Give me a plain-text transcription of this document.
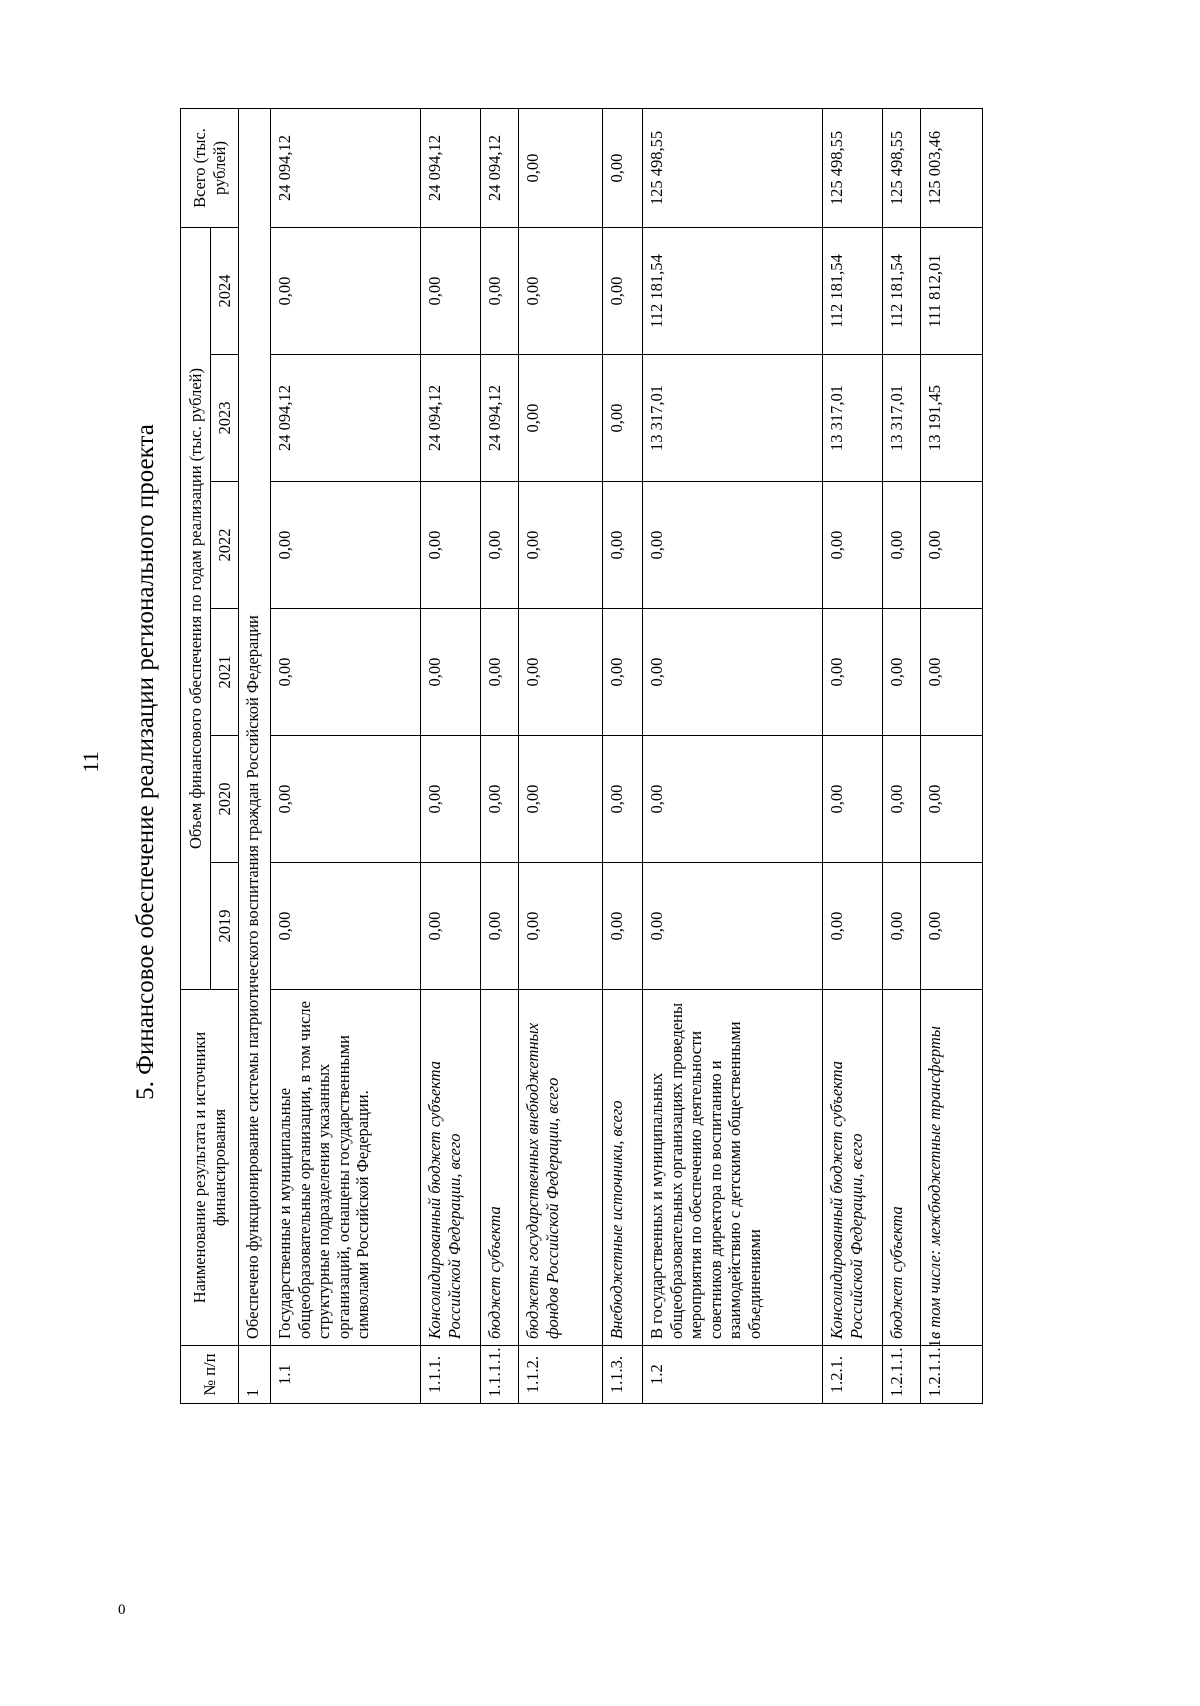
0
11 5. Финансовое обеспечение реализации регионального проекта
№ п/п	Наименование результата и источники финансирования	Объем финансового обеспечения по годам реализации (тыс. рублей)						Всего (тыс. рублей)
		2019	2020	2021	2022	2023	2024	
1	Обеспечено функционирование системы патриотического воспитания граждан Российской Федерации							
1.1	Государственные и муниципальные общеобразовательные организации, в том числе структурные подразделения указанных организаций, оснащены государственными символами Российской Федерации.	0,00	0,00	0,00	0,00	24 094,12	0,00	24 094,12
1.1.1.	Консолидированный бюджет субъекта Российской Федерации, всего	0,00	0,00	0,00	0,00	24 094,12	0,00	24 094,12
1.1.1.1.	бюджет субъекта	0,00	0,00	0,00	0,00	24 094,12	0,00	24 094,12
1.1.2.	бюджеты государственных внебюджетных фондов Российской Федерации, всего	0,00	0,00	0,00	0,00	0,00	0,00	0,00
1.1.3.	Внебюджетные источники, всего	0,00	0,00	0,00	0,00	0,00	0,00	0,00
1.2	В государственных и муниципальных общеобразовательных организациях проведены мероприятия по обеспечению деятельности советников директора по воспитанию и взаимодействию с детскими общественными объединениями	0,00	0,00	0,00	0,00	13 317,01	112 181,54	125 498,55
1.2.1.	Консолидированный бюджет субъекта Российской Федерации, всего	0,00	0,00	0,00	0,00	13 317,01	112 181,54	125 498,55
1.2.1.1.	бюджет субъекта	0,00	0,00	0,00	0,00	13 317,01	112 181,54	125 498,55
1.2.1.1.1.	в том числе: межбюджетные трансферты	0,00	0,00	0,00	0,00	13 191,45	111 812,01	125 003,46
